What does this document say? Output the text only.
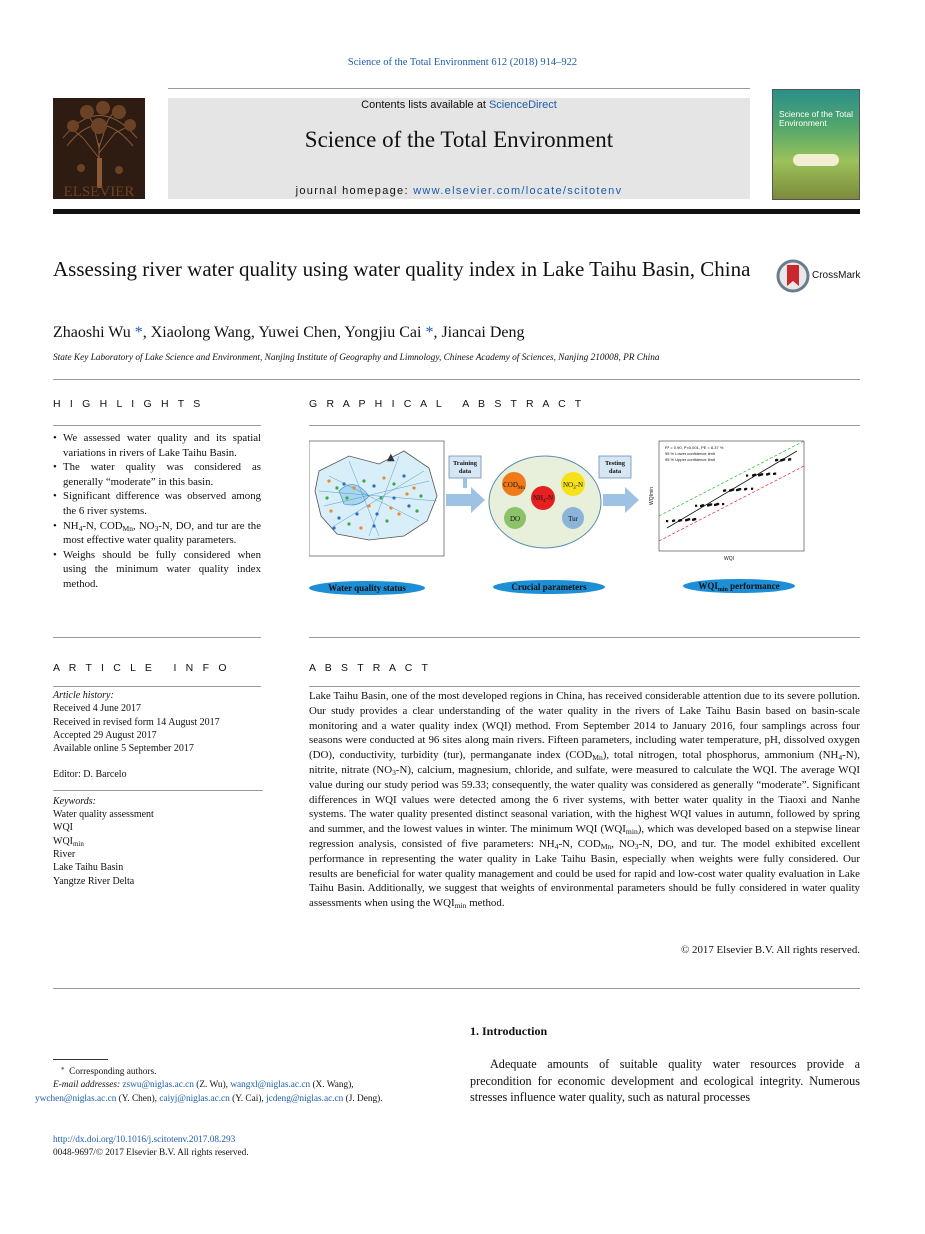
Science of the Total Environment 612 (2018) 914–922
ELSEVIER
Contents lists available at ScienceDirect
Science of the Total Environment
journal homepage: www.elsevier.com/locate/scitotenv
Science of the Total Environment
Assessing river water quality using water quality index in Lake Taihu Basin, China	CrossMark
Zhaoshi Wu *, Xiaolong Wang, Yuwei Chen, Yongjiu Cai *, Jiancai Deng
State Key Laboratory of Lake Science and Environment, Nanjing Institute of Geography and Limnology, Chinese Academy of Sciences, Nanjing 210008, PR China
H I G H L I G H T S
• We assessed water quality and its spatial variations in rivers of Lake Taihu Basin.
• The water quality was considered as generally “moderate” in this basin.
• Significant difference was observed among the 6 river systems.
• $NH_4-N$, $COD_{Mn}$, $NO_3-N$, DO, and tur are the most effective water quality parameters.
• Weighs should be fully considered when using the minimum water quality index method.
G R A P H I C A L   A B S T R A C T
▲
Training
data
$COD_{Mn}$
$NH_4-N$
$NO_3-N$
DO	Tur
Testing
data
R² = 0.90, P<0.001, PE = 8.37 %
95 % Lower confidence limit
95 % Upper confidence limit
WQI
WQImin
Water quality status	Crucial parameters	$WQI_{min}$ performance
A R T I C L E   I N F O
Article history:
Received 4 June 2017
Received in revised form 14 August 2017
Accepted 29 August 2017
Available online 5 September 2017
Editor: D. Barcelo
Keywords:
Water quality assessment
WQI
$WQI_{min}$
River
Lake Taihu Basin
Yangtze River Delta
A B S T R A C T
Lake Taihu Basin, one of the most developed regions in China, has received considerable attention due to its severe pollution. Our study provides a clear understanding of the water quality in the rivers of Lake Taihu Basin based on basin-scale monitoring and a water quality index (WQI) method. From September 2014 to January 2016, four samplings across four seasons were conducted at 96 sites along main rivers. Fifteen parameters, including water temperature, pH, dissolved oxygen (DO), conductivity, turbidity (tur), permanganate index $(COD_{Mn})$, total nitrogen, total phosphorus, ammonium $(NH_4-N)$, nitrite, nitrate $(NO_3-N)$, calcium, magnesium, chloride, and sulfate, were measured to calculate the WQI. The average WQI value during our study period was 59.33; consequently, the water quality was considered as generally “moderate”. Significant differences in WQI values were detected among the 6 river systems, with better water quality in the Tiaoxi and Nanhe systems. The water quality presented distinct seasonal variation, with the highest WQI values in autumn, followed by spring and summer, and the lowest values in winter. The minimum WQI $(WQI_{min})$, which was developed based on a stepwise linear regression analysis, consisted of five parameters: $NH_4-N$, $COD_{Mn}$, $NO_3-N$, DO, and tur. The model exhibited excellent performance in representing the water quality in Lake Taihu Basin, especially when weights were fully considered. Our results are beneficial for water quality management and could be used for rapid and low-cost water quality evaluation in Lake Taihu Basin. Additionally, we suggest that weights of environmental parameters should be fully considered in water quality assessments when using the $WQI_{min}$ method.
© 2017 Elsevier B.V. All rights reserved.
1. Introduction
Adequate amounts of suitable quality water resources provide a precondition for economic development and ecological integrity. Numerous stresses influence water quality, such as natural processes
* Corresponding authors.
E-mail addresses: zswu@niglas.ac.cn (Z. Wu), wangxl@niglas.ac.cn (X. Wang),
ywchen@niglas.ac.cn (Y. Chen), caiyj@niglas.ac.cn (Y. Cai), jcdeng@niglas.ac.cn (J. Deng).
http://dx.doi.org/10.1016/j.scitotenv.2017.08.293
0048-9697/© 2017 Elsevier B.V. All rights reserved.
